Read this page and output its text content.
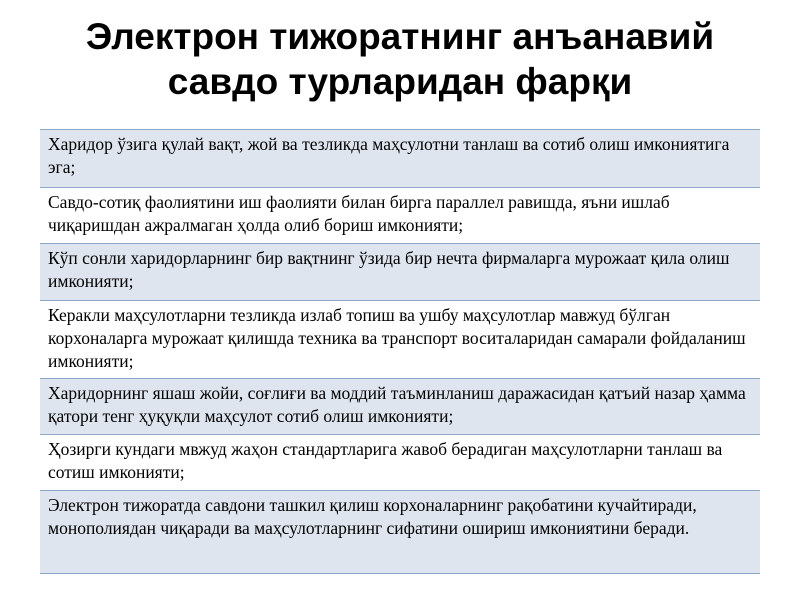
Электрон тижоратнинг анъанавий
савдо турларидан фарқи
Харидор ўзига қулай вақт, жой ва тезликда маҳсулотни танлаш ва сотиб олиш имкониятига эга;
Савдо-сотиқ фаолиятини иш фаолияти билан бирга параллел равишда, яъни ишлаб чиқаришдан ажралмаган ҳолда олиб бориш имконияти;
Кўп сонли харидорларнинг бир вақтнинг ўзида бир нечта фирмаларга мурожаат қила олиш имконияти;
Керакли маҳсулотларни тезликда излаб топиш ва ушбу маҳсулотлар мавжуд бўлган корхоналарга мурожаат қилишда техника ва транспорт воситаларидан самарали фойдаланиш имконияти;
Харидорнинг яшаш жойи, соғлиғи ва моддий таъминланиш даражасидан қатъий назар ҳамма қатори тенг ҳуқуқли маҳсулот сотиб олиш имконияти;
Ҳозирги кундаги мвжуд жаҳон стандартларига жавоб берадиган маҳсулотларни танлаш ва сотиш имконияти;
Электрон тижоратда савдони ташкил қилиш корхоналарнинг рақобатини кучайтиради, монополиядан чиқаради ва маҳсулотларнинг сифатини ошириш имкониятини беради.
